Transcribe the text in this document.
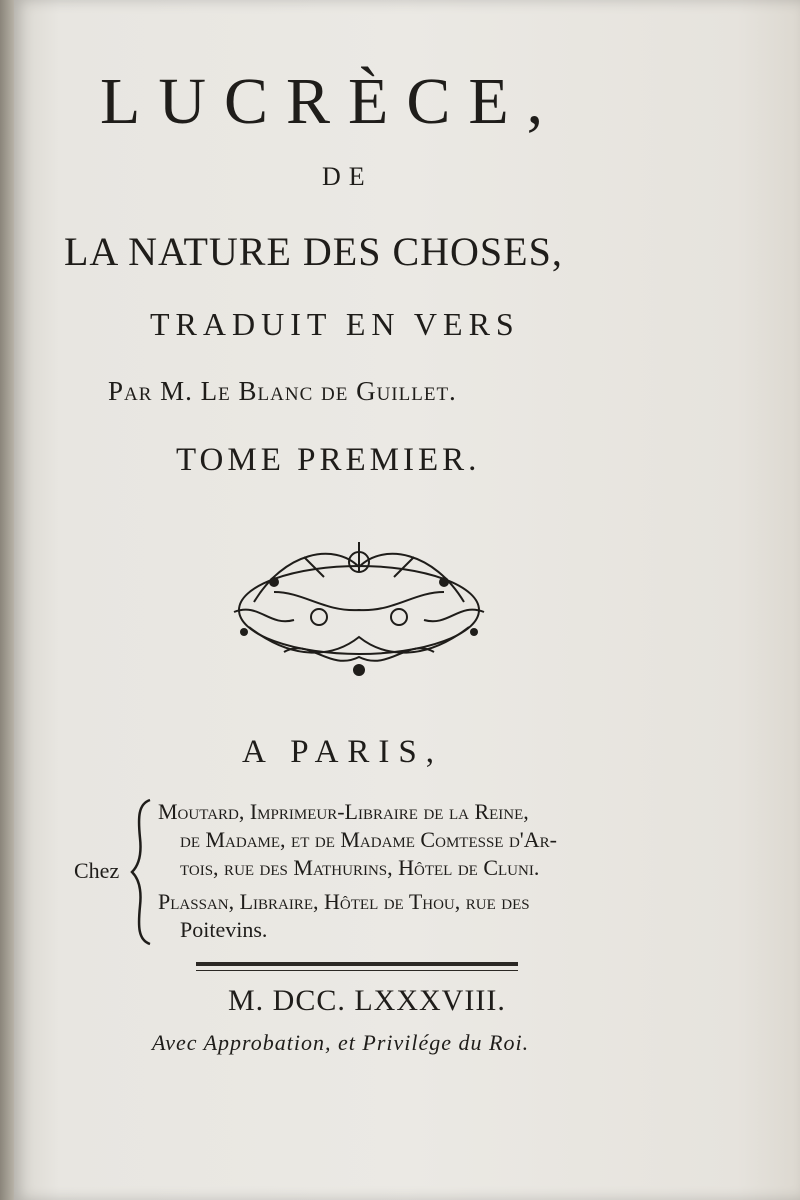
LUCRÈCE,
DE
LA NATURE DES CHOSES,
TRADUIT EN VERS
Par M. Le Blanc de Guillet.
TOME PREMIER.
A PARIS,
Chez
Moutard, Imprimeur-Libraire de la Reine,
de Madame, et de Madame Comtesse d'Ar-
tois, rue des Mathurins, Hôtel de Cluni.
Plassan, Libraire, Hôtel de Thou, rue des
Poitevins.
M. DCC. LXXXVIII.
Avec Approbation, et Privilége du Roi.
